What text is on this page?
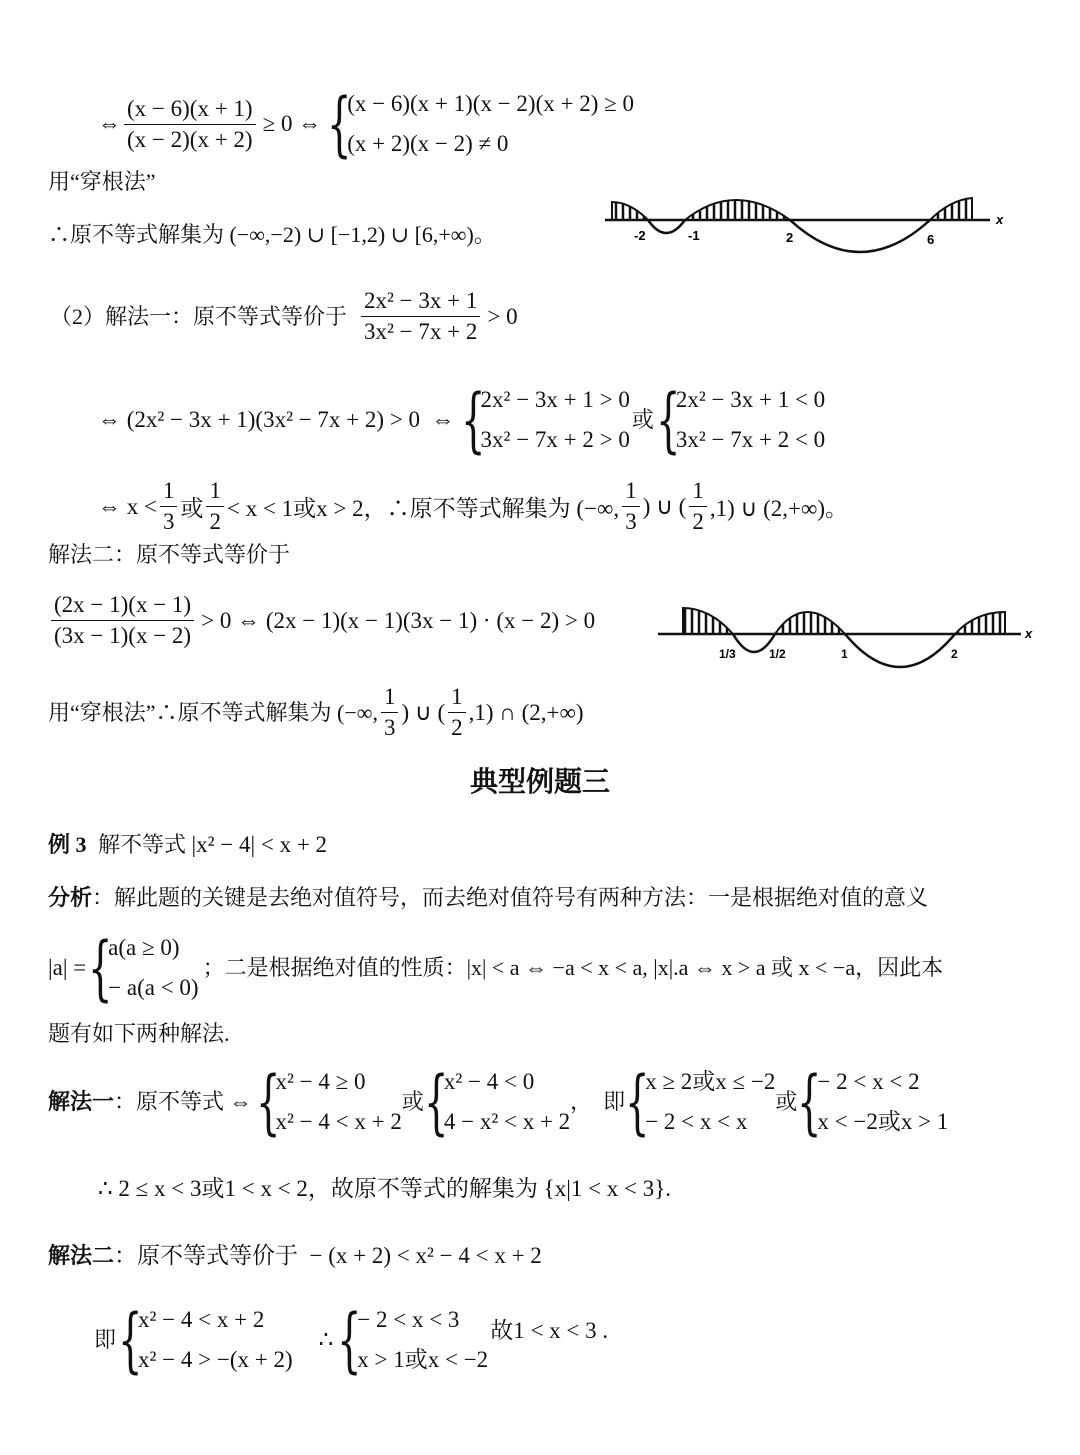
⇔ $\frac{(x - 6)(x + 1)}{(x - 2)(x + 2)} \ge 0$ ⇔ {
(x − 6)(x + 1)(x − 2)(x + 2) ≥ 0
(x + 2)(x − 2) ≠ 0
用“穿根法”
∴原不等式解集为 (−∞,−2) ∪ [−1,2) ∪ [6,+∞)。	-2	-1	2	6
x
（2）解法一：原不等式等价于 $\frac{\text{2x² − 3x + 1}}{\text{3x² − 7x + 2}} > 0$
⇔ (2x² − 3x + 1)(3x² − 7x + 2) > 0  ⇔ {
2x² − 3x + 1 > 0
3x² − 7x + 2 > 0
或 {
2x² − 3x + 1 < 0
3x² − 7x + 2 < 0
⇔ $x < \frac{1}{3}$ 或 $\frac{1}{2} < x < 1$或x > 2，∴原不等式解集为 (−∞, $\frac{1}{3}$ ) ∪ ( $\frac{1}{2} ,1$) ∪ (2,+∞)。
解法二：原不等式等价于
$\frac{(2x - 1)(x - 1)}{(3x - 1)(x - 2)} > 0$ ⇔ (2x − 1)(x − 1)(3x − 1) · (x − 2) > 0
1/3	1/2	1	2
x
用“穿根法”∴原不等式解集为 (−∞, $\frac{1}{3}$ ) ∪ ( $\frac{1}{2} ,1$) ∩ (2,+∞)
典型例题三
例 3 解不等式 |x² − 4| < x + 2
分析：解此题的关键是去绝对值符号，而去绝对值符号有两种方法：一是根据绝对值的意义
|a| = {
a(a ≥ 0)
− a(a < 0)
；二是根据绝对值的性质：|x| < a ⇔ −a < x < a, |x|.a ⇔ x > a 或 x < −a，因此本
题有如下两种解法.
解法一 ：原不等式 ⇔ {
x² − 4 ≥ 0
x² − 4 < x + 2
或 {
x² − 4 < 0
4 − x² < x + 2
，  即 {
x ≥ 2或x ≤ −2
− 2 < x < x
或 {
− 2 < x < 2
x < −2或x > 1
∴ 2 ≤ x < 3或1 < x < 2，故原不等式的解集为 {x|1 < x < 3}.
解法二：原不等式等价于  − (x + 2) < x² − 4 < x + 2
即 {
x² − 4 < x + 2
x² − 4 > −(x + 2)
∴ {
− 2 < x < 3
x > 1或x < −2
故1 < x < 3 .
